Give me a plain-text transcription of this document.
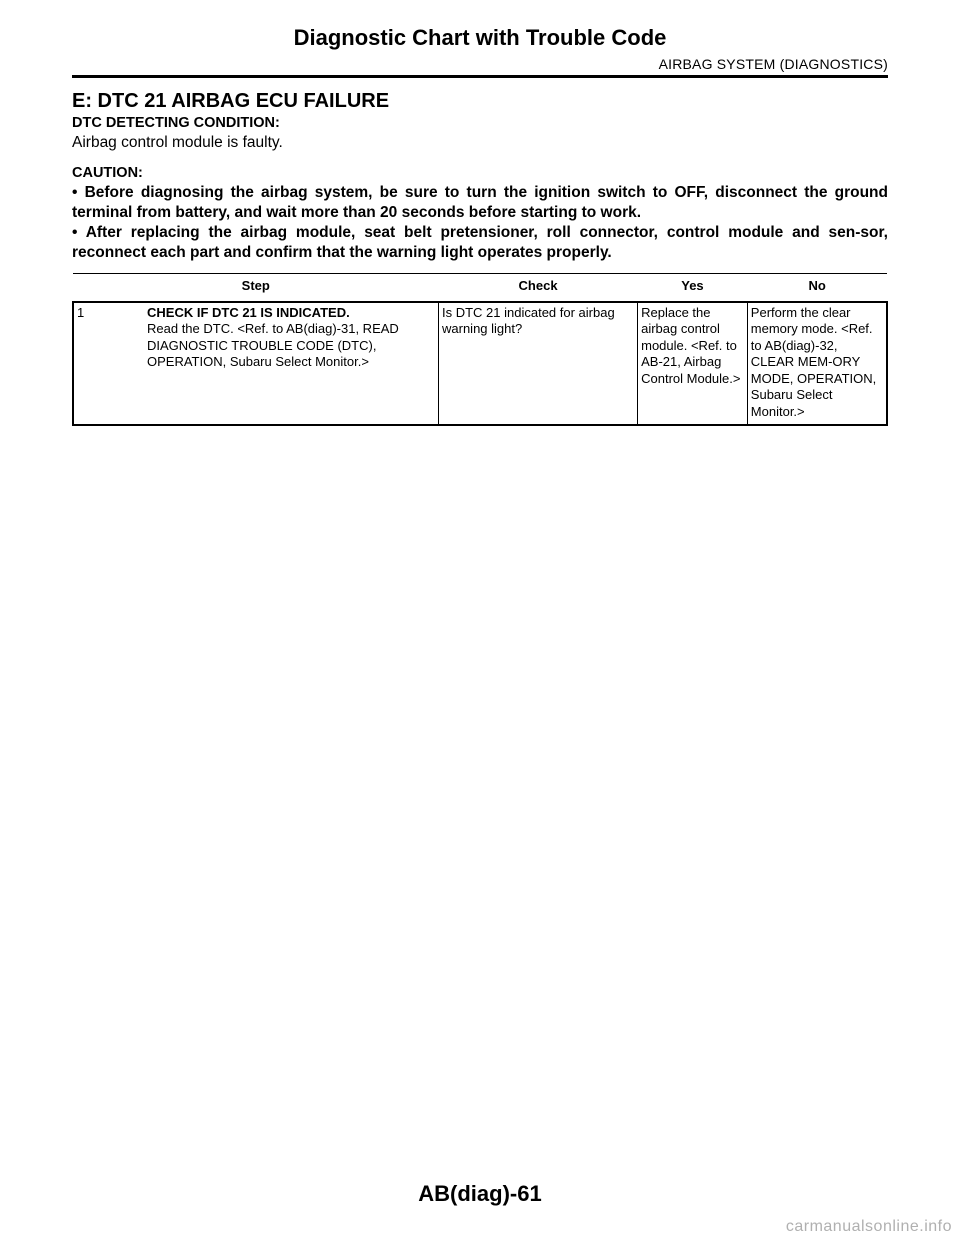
Diagnostic Chart with Trouble Code
AIRBAG SYSTEM (DIAGNOSTICS)

E: DTC 21 AIRBAG ECU FAILURE

DTC DETECTING CONDITION:

Airbag control module is faulty.

CAUTION:

• Before diagnosing the airbag system, be sure to turn the ignition switch to OFF, disconnect the ground terminal from battery, and wait more than 20 seconds before starting to work.

• After replacing the airbag module, seat belt pretensioner, roll connector, control module and sen-sor, reconnect each part and confirm that the warning light operates properly.

Step	Check	Yes	No
1 CHECK IF DTC 21 IS INDICATED.
Read the DTC. <Ref. to AB(diag)-31, READ DIAGNOSTIC TROUBLE CODE (DTC), OPERATION, Subaru Select Monitor.>	Is DTC 21 indicated for airbag warning light?	Replace the airbag control module. <Ref. to AB-21, Airbag Control Module.>	Perform the clear memory mode. <Ref. to AB(diag)-32, CLEAR MEM-ORY MODE, OPERATION, Subaru Select Monitor.>
AB(diag)-61
carmanualsonline.info
